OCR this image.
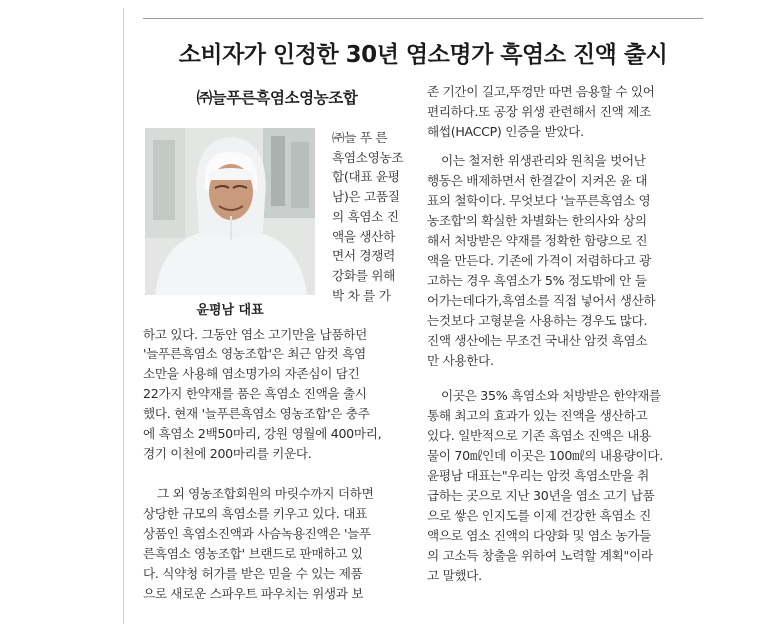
소비자가 인정한 30년 염소명가 흑염소 진액 출시
㈜늘푸른흑염소영농조합
윤평남 대표
㈜늘 푸 른
흑염소영농조
합(대표 윤평
남)은 고품질
의 흑염소 진
액을 생산하
면서 경쟁력
강화를 위해
박 차 를 가
하고 있다. 그동안 염소 고기만을 납품하던
'늘푸른흑염소 영농조합'은 최근 암컷 흑염
소만을 사용해 염소명가의 자존심이 담긴
22가지 한약재를 품은 흑염소 진액을 출시
했다. 현재 '늘푸른흑염소 영농조합'은 충주
에 흑염소 2백50마리, 강원 영월에 400마리,
경기 이천에 200마리를 키운다.
그 외 영농조합회원의 마릿수까지 더하면
상당한 규모의 흑염소를 키우고 있다. 대표
상품인 흑염소진액과 사슴녹용진액은 '늘푸
른흑염소 영농조합' 브랜드로 판매하고 있
다. 식약청 허가를 받은 믿을 수 있는 제품
으로 새로운 스파우트 파우치는 위생과 보
존 기간이 길고,뚜껑만 따면 음용할 수 있어
편리하다.또 공장 위생 관련해서 진액 제조
해썹(HACCP) 인증을 받았다.
이는 철저한 위생관리와 원칙을 벗어난
행동은 배제하면서 한결같이 지켜온 윤 대
표의 철학이다. 무엇보다 '늘푸른흑염소 영
농조합'의 확실한 차별화는 한의사와 상의
해서 처방받은 약재를 정확한 함량으로 진
액을 만든다. 기존에 가격이 저렴하다고 광
고하는 경우 흑염소가 5% 정도밖에 안 들
어가는데다가,흑염소를 직접 넣어서 생산하
는것보다 고형분을 사용하는 경우도 많다.
진액 생산에는 무조건 국내산 암컷 흑염소
만 사용한다.
이곳은 35% 흑염소와 처방받은 한약재를
통해 최고의 효과가 있는 진액을 생산하고
있다. 일반적으로 기존 흑염소 진액은 내용
물이 70㎖인데 이곳은 100㎖의 내용량이다.
윤평남 대표는"우리는 암컷 흑염소만을 취
급하는 곳으로 지난 30년을 염소 고기 납품
으로 쌓은 인지도를 이제 건강한 흑염소 진
액으로 염소 진액의 다양화 및 염소 농가들
의 고소득 창출을 위하여 노력할 계획"이라
고 말했다.
